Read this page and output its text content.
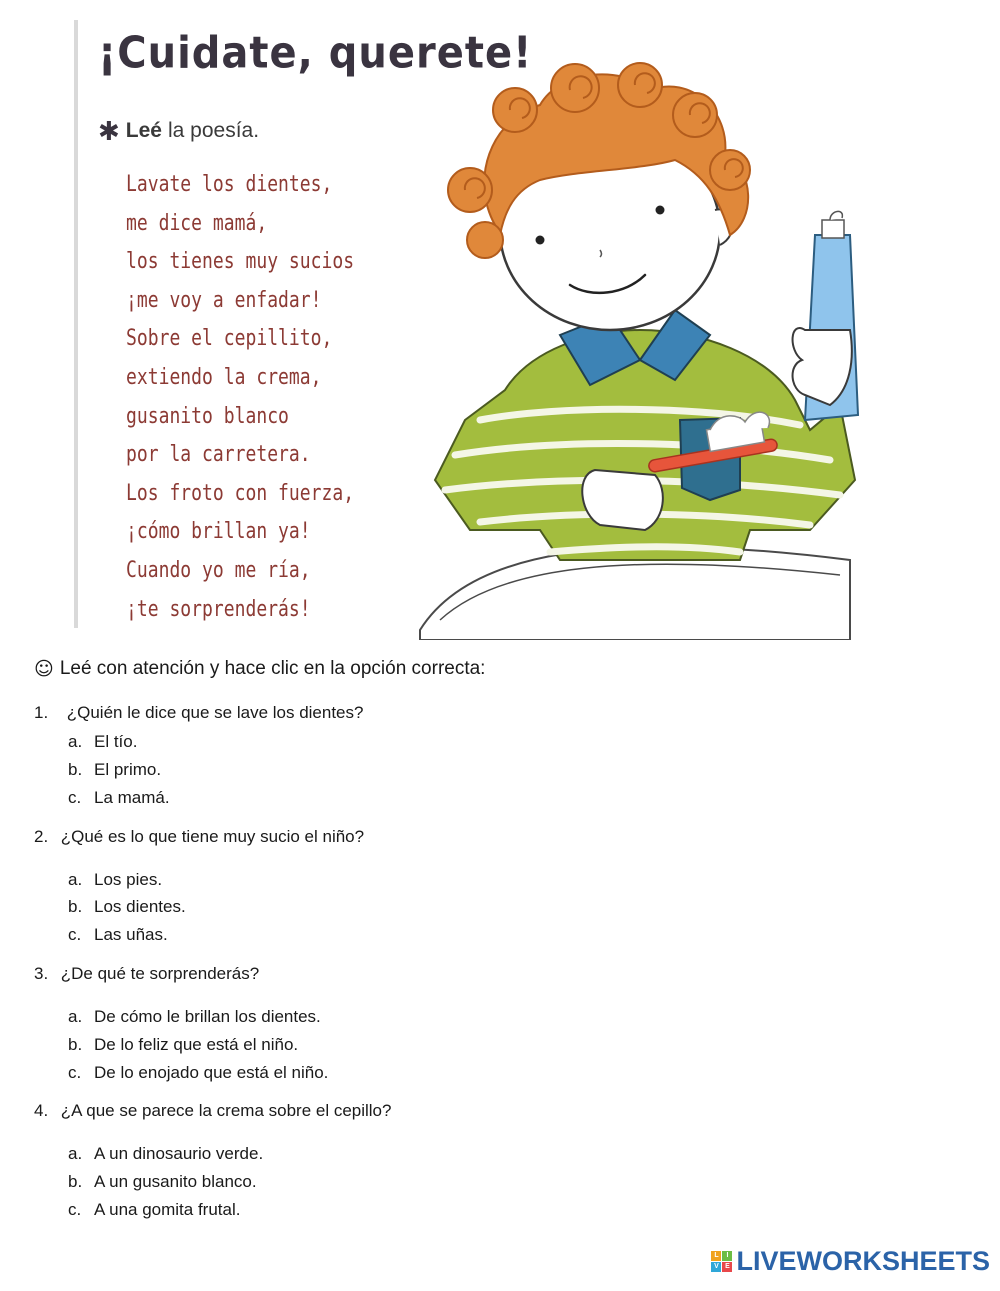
¡Cuidate, querete!
✱ Leé la poesía.
Lavate los dientes,
me dice mamá,
los tienes muy sucios
¡me voy a enfadar!
Sobre el cepillito,
extiendo la crema,
gusanito blanco
por la carretera.
Los froto con fuerza,
¡cómo brillan ya!
Cuando yo me ría,
¡te sorprenderás!
☺ Leé con atención y hace clic en la opción correcta:
1. ¿Quién le dice que se lave los dientes?
a. El tío.
b. El primo.
c. La mamá.
2. ¿Qué es lo que tiene muy sucio el niño?
a. Los pies.
b. Los dientes.
c. Las uñas.
3. ¿De qué te sorprenderás?
a. De cómo le brillan los dientes.
b. De lo feliz que está el niño.
c. De lo enojado que está el niño.
4. ¿A que se parece la crema sobre el cepillo?
a. A un dinosaurio verde.
b. A un gusanito blanco.
c. A una gomita frutal.
L	I
V E LIVEWORKSHEETS
